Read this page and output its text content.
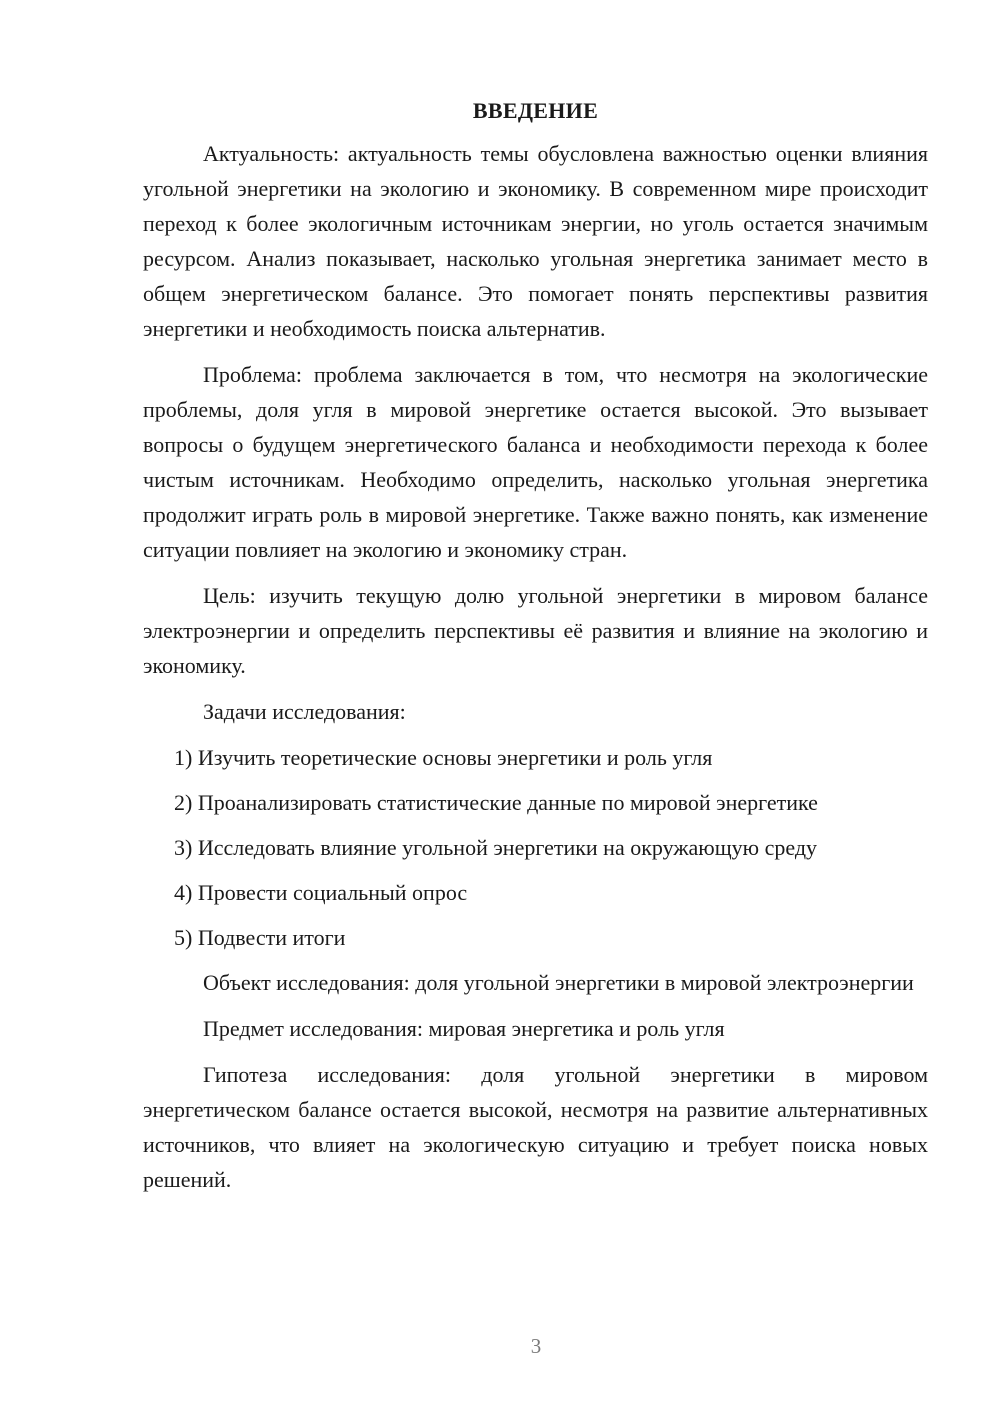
ВВЕДЕНИЕ

Актуальность: актуальность темы обусловлена важностью оценки влияния угольной энергетики на экологию и экономику. В современном мире происходит переход к более экологичным источникам энергии, но уголь остается значимым ресурсом. Анализ показывает, насколько угольная энергетика занимает место в общем энергетическом балансе. Это помогает понять перспективы развития энергетики и необходимость поиска альтернатив.

Проблема: проблема заключается в том, что несмотря на экологические проблемы, доля угля в мировой энергетике остается высокой. Это вызывает вопросы о будущем энергетического баланса и необходимости перехода к более чистым источникам. Необходимо определить, насколько угольная энергетика продолжит играть роль в мировой энергетике. Также важно понять, как изменение ситуации повлияет на экологию и экономику стран.

Цель: изучить текущую долю угольной энергетики в мировом балансе электроэнергии и определить перспективы её развития и влияние на экологию и экономику.

Задачи исследования:

1) Изучить теоретические основы энергетики и роль угля
2) Проанализировать статистические данные по мировой энергетике
3) Исследовать влияние угольной энергетики на окружающую среду
4) Провести социальный опрос
5) Подвести итоги

Объект исследования: доля угольной энергетики в мировой электроэнергии

Предмет исследования: мировая энергетика и роль угля

Гипотеза исследования: доля угольной энергетики в мировом энергетическом балансе остается высокой, несмотря на развитие альтернативных источников, что влияет на экологическую ситуацию и требует поиска новых решений.

3
